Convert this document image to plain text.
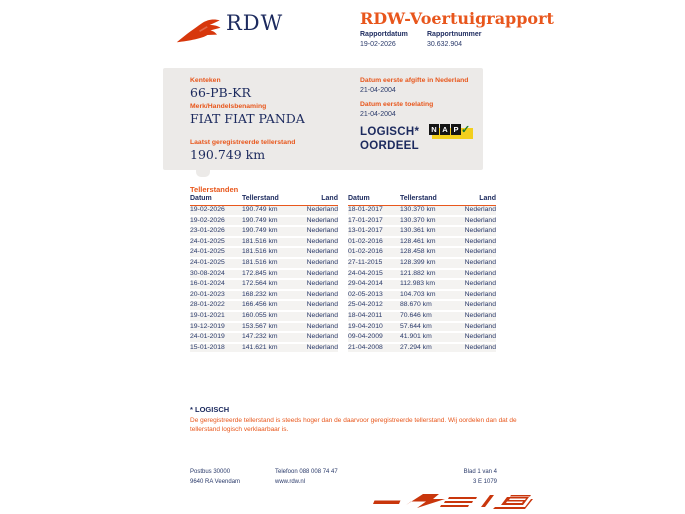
RDW	RDW-Voertuigrapport
Rapportdatum
19-02-2026
Rapportnummer
30.632.904
Kenteken
66-PB-KR
Merk/Handelsbenaming
FIAT FIAT PANDA
Laatst geregistreerde tellerstand
190.749 km
Datum eerste afgifte in Nederland
21-04-2004
Datum eerste toelating
21-04-2004
LOGISCH*
OORDEEL
N A P ✓
Tellerstanden
Datum	Tellerstand	Land
19-02-2026	190.749 km	Nederland
19-02-2026	190.749 km	Nederland
23-01-2026	190.749 km	Nederland
24-01-2025	181.516 km	Nederland
24-01-2025	181.516 km	Nederland
24-01-2025	181.516 km	Nederland
30-08-2024	172.845 km	Nederland
16-01-2024	172.564 km	Nederland
20-01-2023	168.232 km	Nederland
28-01-2022	166.456 km	Nederland
19-01-2021	160.055 km	Nederland
19-12-2019	153.567 km	Nederland
24-01-2019	147.232 km	Nederland
15-01-2018	141.621 km	Nederland
Datum	Tellerstand	Land
18-01-2017	130.370 km	Nederland
17-01-2017	130.370 km	Nederland
13-01-2017	130.361 km	Nederland
01-02-2016	128.461 km	Nederland
01-02-2016	128.458 km	Nederland
27-11-2015	128.399 km	Nederland
24-04-2015	121.882 km	Nederland
29-04-2014	112.983 km	Nederland
02-05-2013	104.703 km	Nederland
25-04-2012	88.670 km	Nederland
18-04-2011	70.646 km	Nederland
19-04-2010	57.644 km	Nederland
09-04-2009	41.901 km	Nederland
21-04-2008	27.294 km	Nederland
* LOGISCH
De geregistreerde tellerstand is steeds hoger dan de daarvoor geregistreerde tellerstand. Wij oordelen dan dat de tellerstand logisch verklaarbaar is.
Postbus 30000
9640 RA Veendam
Telefoon 088 008 74 47
www.rdw.nl
Blad 1 van 4
3 E 1079
